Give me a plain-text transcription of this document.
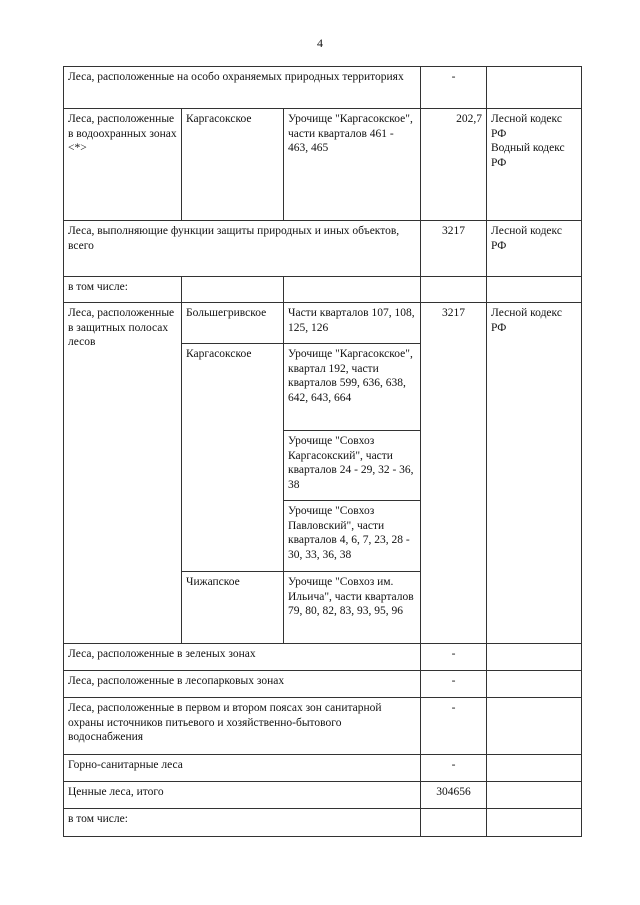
4
Леса, расположенные на особо охраняемых природных территориях			-	
Леса, расположенные в водоохранных зонах <*>	Каргасокское	Урочище "Каргасокское", части кварталов 461 - 463, 465	202,7	Лесной кодекс РФ
Водный кодекс РФ
Леса, выполняющие функции защиты природных и иных объектов, всего			3217	Лесной кодекс РФ
в том числе:				
Леса, расположенные в защитных полосах лесов	Большегривское	Части кварталов 107, 108, 125, 126	3217	Лесной кодекс РФ
	Каргасокское	Урочище "Каргасокское", квартал 192, части кварталов 599, 636, 638, 642, 643, 664		
		Урочище "Совхоз Каргасокский", части кварталов 24 - 29, 32 - 36, 38		
		Урочище "Совхоз Павловский", части кварталов 4, 6, 7, 23, 28 - 30, 33, 36, 38		
	Чижапское	Урочище "Совхоз им. Ильича", части кварталов 79, 80, 82, 83, 93, 95, 96		

Леса, расположенные в зеленых зонах			-	
Леса, расположенные в лесопарковых зонах			-	
Леса, расположенные в первом и втором поясах зон санитарной охраны источников питьевого и хозяйственно-бытового водоснабжения			-	
Горно-санитарные леса			-	
Ценные леса, итого			304656	
в том числе:				
